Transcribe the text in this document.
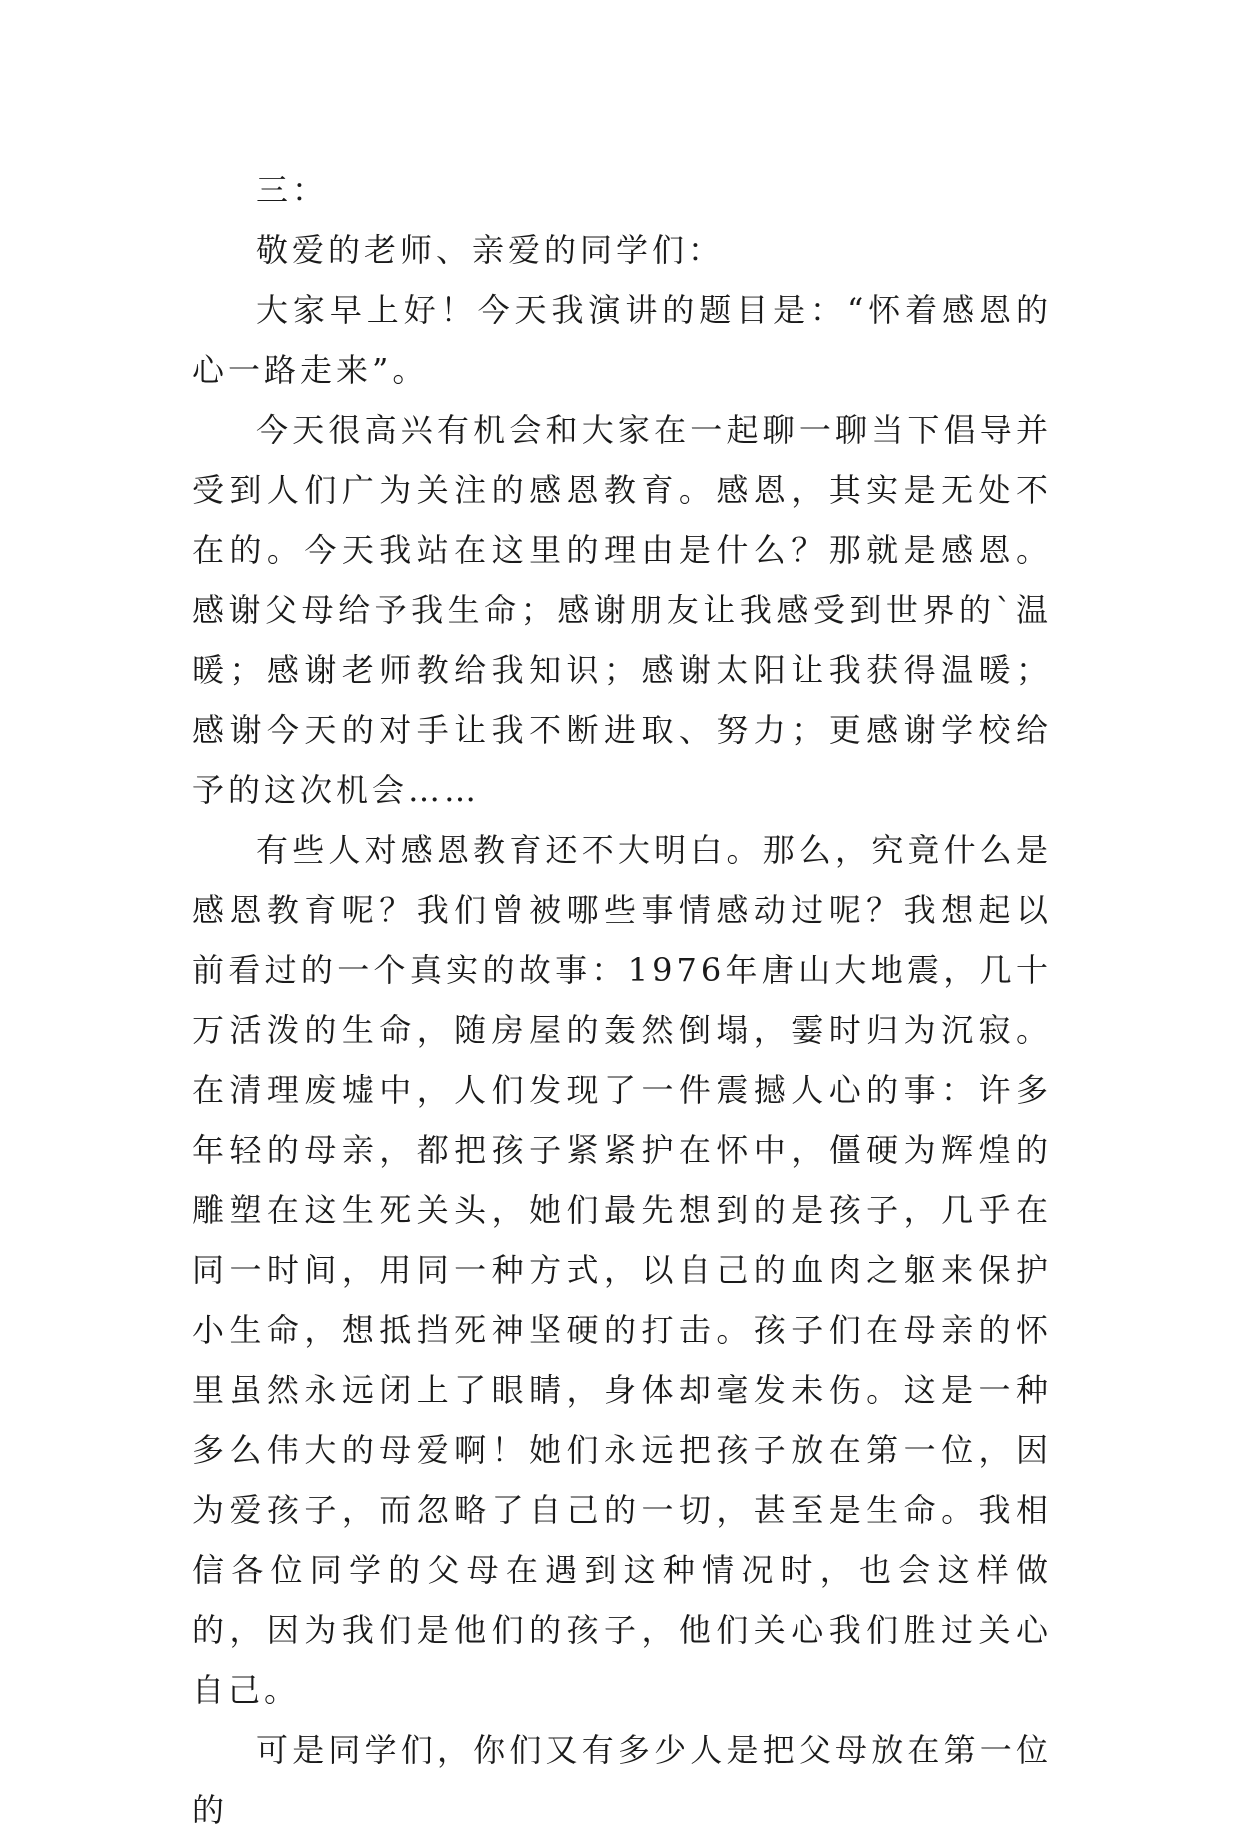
三：

敬爱的老师、亲爱的同学们：

大家早上好！今天我演讲的题目是：“怀着感恩的心一路走来”。

今天很高兴有机会和大家在一起聊一聊当下倡导并受到人们广为关注的感恩教育。感恩，其实是无处不在的。今天我站在这里的理由是什么？那就是感恩。感谢父母给予我生命；感谢朋友让我感受到世界的`温暖；感谢老师教给我知识；感谢太阳让我获得温暖；感谢今天的对手让我不断进取、努力；更感谢学校给予的这次机会……

有些人对感恩教育还不大明白。那么，究竟什么是感恩教育呢？我们曾被哪些事情感动过呢？我想起以前看过的一个真实的故事：1976年唐山大地震，几十万活泼的生命，随房屋的轰然倒塌，霎时归为沉寂。在清理废墟中，人们发现了一件震撼人心的事：许多年轻的母亲，都把孩子紧紧护在怀中，僵硬为辉煌的雕塑在这生死关头，她们最先想到的是孩子，几乎在同一时间，用同一种方式，以自己的血肉之躯来保护小生命，想抵挡死神坚硬的打击。孩子们在母亲的怀里虽然永远闭上了眼睛，身体却毫发未伤。这是一种多么伟大的母爱啊！她们永远把孩子放在第一位，因为爱孩子，而忽略了自己的一切，甚至是生命。我相信各位同学的父母在遇到这种情况时，也会这样做的，因为我们是他们的孩子，他们关心我们胜过关心自己。

可是同学们，你们又有多少人是把父母放在第一位的
